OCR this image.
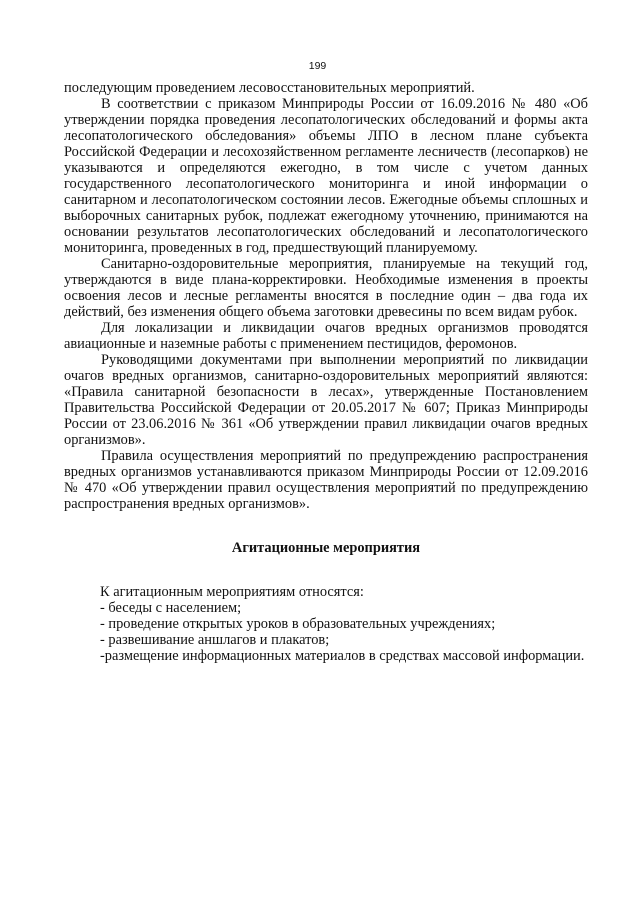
199

последующим проведением лесовосстановительных мероприятий.

В соответствии с приказом Минприроды России от 16.09.2016 № 480 «Об утверждении порядка проведения лесопатологических обследований и формы акта лесопатологического обследования» объемы ЛПО в лесном плане субъекта Российской Федерации и лесохозяйственном регламенте лесничеств (лесопарков) не указываются и определяются ежегодно, в том числе с учетом данных государственного лесопатологического мониторинга и иной информации о санитарном и лесопатологическом состоянии лесов. Ежегодные объемы сплошных и выборочных санитарных рубок, подлежат ежегодному уточнению, принимаются на основании результатов лесопатологических обследований и лесопатологического мониторинга, проведенных в год, предшествующий планируемому.

Санитарно-оздоровительные мероприятия, планируемые на текущий год, утверждаются в виде плана-корректировки. Необходимые изменения в проекты освоения лесов и лесные регламенты вносятся в последние один – два года их действий, без изменения общего объема заготовки древесины по всем видам рубок.

Для локализации и ликвидации очагов вредных организмов проводятся авиационные и наземные работы с применением пестицидов, феромонов.

Руководящими документами при выполнении мероприятий по ликвидации очагов вредных организмов, санитарно-оздоровительных мероприятий являются: «Правила санитарной безопасности в лесах», утвержденные Постановлением Правительства Российской Федерации от 20.05.2017 № 607; Приказ Минприроды России от 23.06.2016 № 361 «Об утверждении правил ликвидации очагов вредных организмов».

Правила осуществления мероприятий по предупреждению распространения вредных организмов устанавливаются приказом Минприроды России от 12.09.2016 № 470 «Об утверждении правил осуществления мероприятий по предупреждению распространения вредных организмов».

Агитационные мероприятия

К агитационным мероприятиям относятся:

- беседы с населением;

- проведение открытых уроков в образовательных учреждениях;

- развешивание аншлагов и плакатов;

-размещение информационных материалов в средствах массовой информации.
